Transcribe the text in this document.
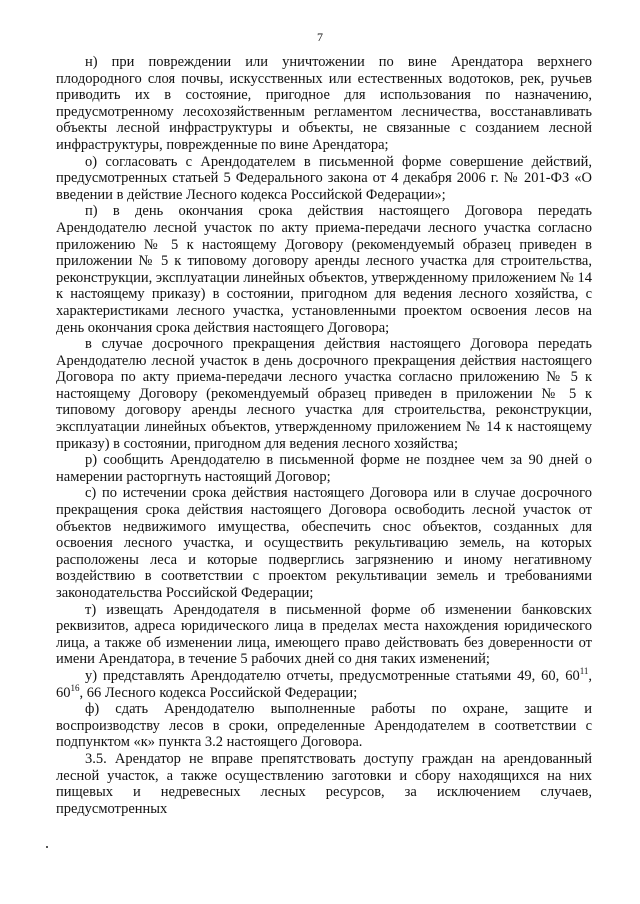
7

н) при повреждении или уничтожении по вине Арендатора верхнего плодородного слоя почвы, искусственных или естественных водотоков, рек, ручьев приводить их в состояние, пригодное для использования по назначению, предусмотренному лесохозяйственным регламентом лесничества, восстанавливать объекты лесной инфраструктуры и объекты, не связанные с созданием лесной инфраструктуры, поврежденные по вине Арендатора;

о) согласовать с Арендодателем в письменной форме совершение действий, предусмотренных статьей 5 Федерального закона от 4 декабря 2006 г. № 201-ФЗ «О введении в действие Лесного кодекса Российской Федерации»;

п) в день окончания срока действия настоящего Договора передать Арендодателю лесной участок по акту приема-передачи лесного участка согласно приложению № 5 к настоящему Договору (рекомендуемый образец приведен в приложении № 5 к типовому договору аренды лесного участка для строительства, реконструкции, эксплуатации линейных объектов, утвержденному приложением № 14 к настоящему приказу) в состоянии, пригодном для ведения лесного хозяйства, с характеристиками лесного участка, установленными проектом освоения лесов на день окончания срока действия настоящего Договора;

в случае досрочного прекращения действия настоящего Договора передать Арендодателю лесной участок в день досрочного прекращения действия настоящего Договора по акту приема-передачи лесного участка согласно приложению № 5 к настоящему Договору (рекомендуемый образец приведен в приложении № 5 к типовому договору аренды лесного участка для строительства, реконструкции, эксплуатации линейных объектов, утвержденному приложением № 14 к настоящему приказу) в состоянии, пригодном для ведения лесного хозяйства;

р) сообщить Арендодателю в письменной форме не позднее чем за 90 дней о намерении расторгнуть настоящий Договор;

с) по истечении срока действия настоящего Договора или в случае досрочного прекращения срока действия настоящего Договора освободить лесной участок от объектов недвижимого имущества, обеспечить снос объектов, созданных для освоения лесного участка, и осуществить рекультивацию земель, на которых расположены леса и которые подверглись загрязнению и иному негативному воздействию в соответствии с проектом рекультивации земель и требованиями законодательства Российской Федерации;

т) извещать Арендодателя в письменной форме об изменении банковских реквизитов, адреса юридического лица в пределах места нахождения юридического лица, а также об изменении лица, имеющего право действовать без доверенности от имени Арендатора, в течение 5 рабочих дней со дня таких изменений;

у) представлять Арендодателю отчеты, предусмотренные статьями 49, 60, $60^{11}$, $60^{16}$, 66 Лесного кодекса Российской Федерации;

ф) сдать Арендодателю выполненные работы по охране, защите и воспроизводству лесов в сроки, определенные Арендодателем в соответствии с подпунктом «к» пункта 3.2 настоящего Договора.

3.5. Арендатор не вправе препятствовать доступу граждан на арендованный лесной участок, а также осуществлению заготовки и сбору находящихся на них пищевых и недревесных лесных ресурсов, за исключением случаев, предусмотренных
